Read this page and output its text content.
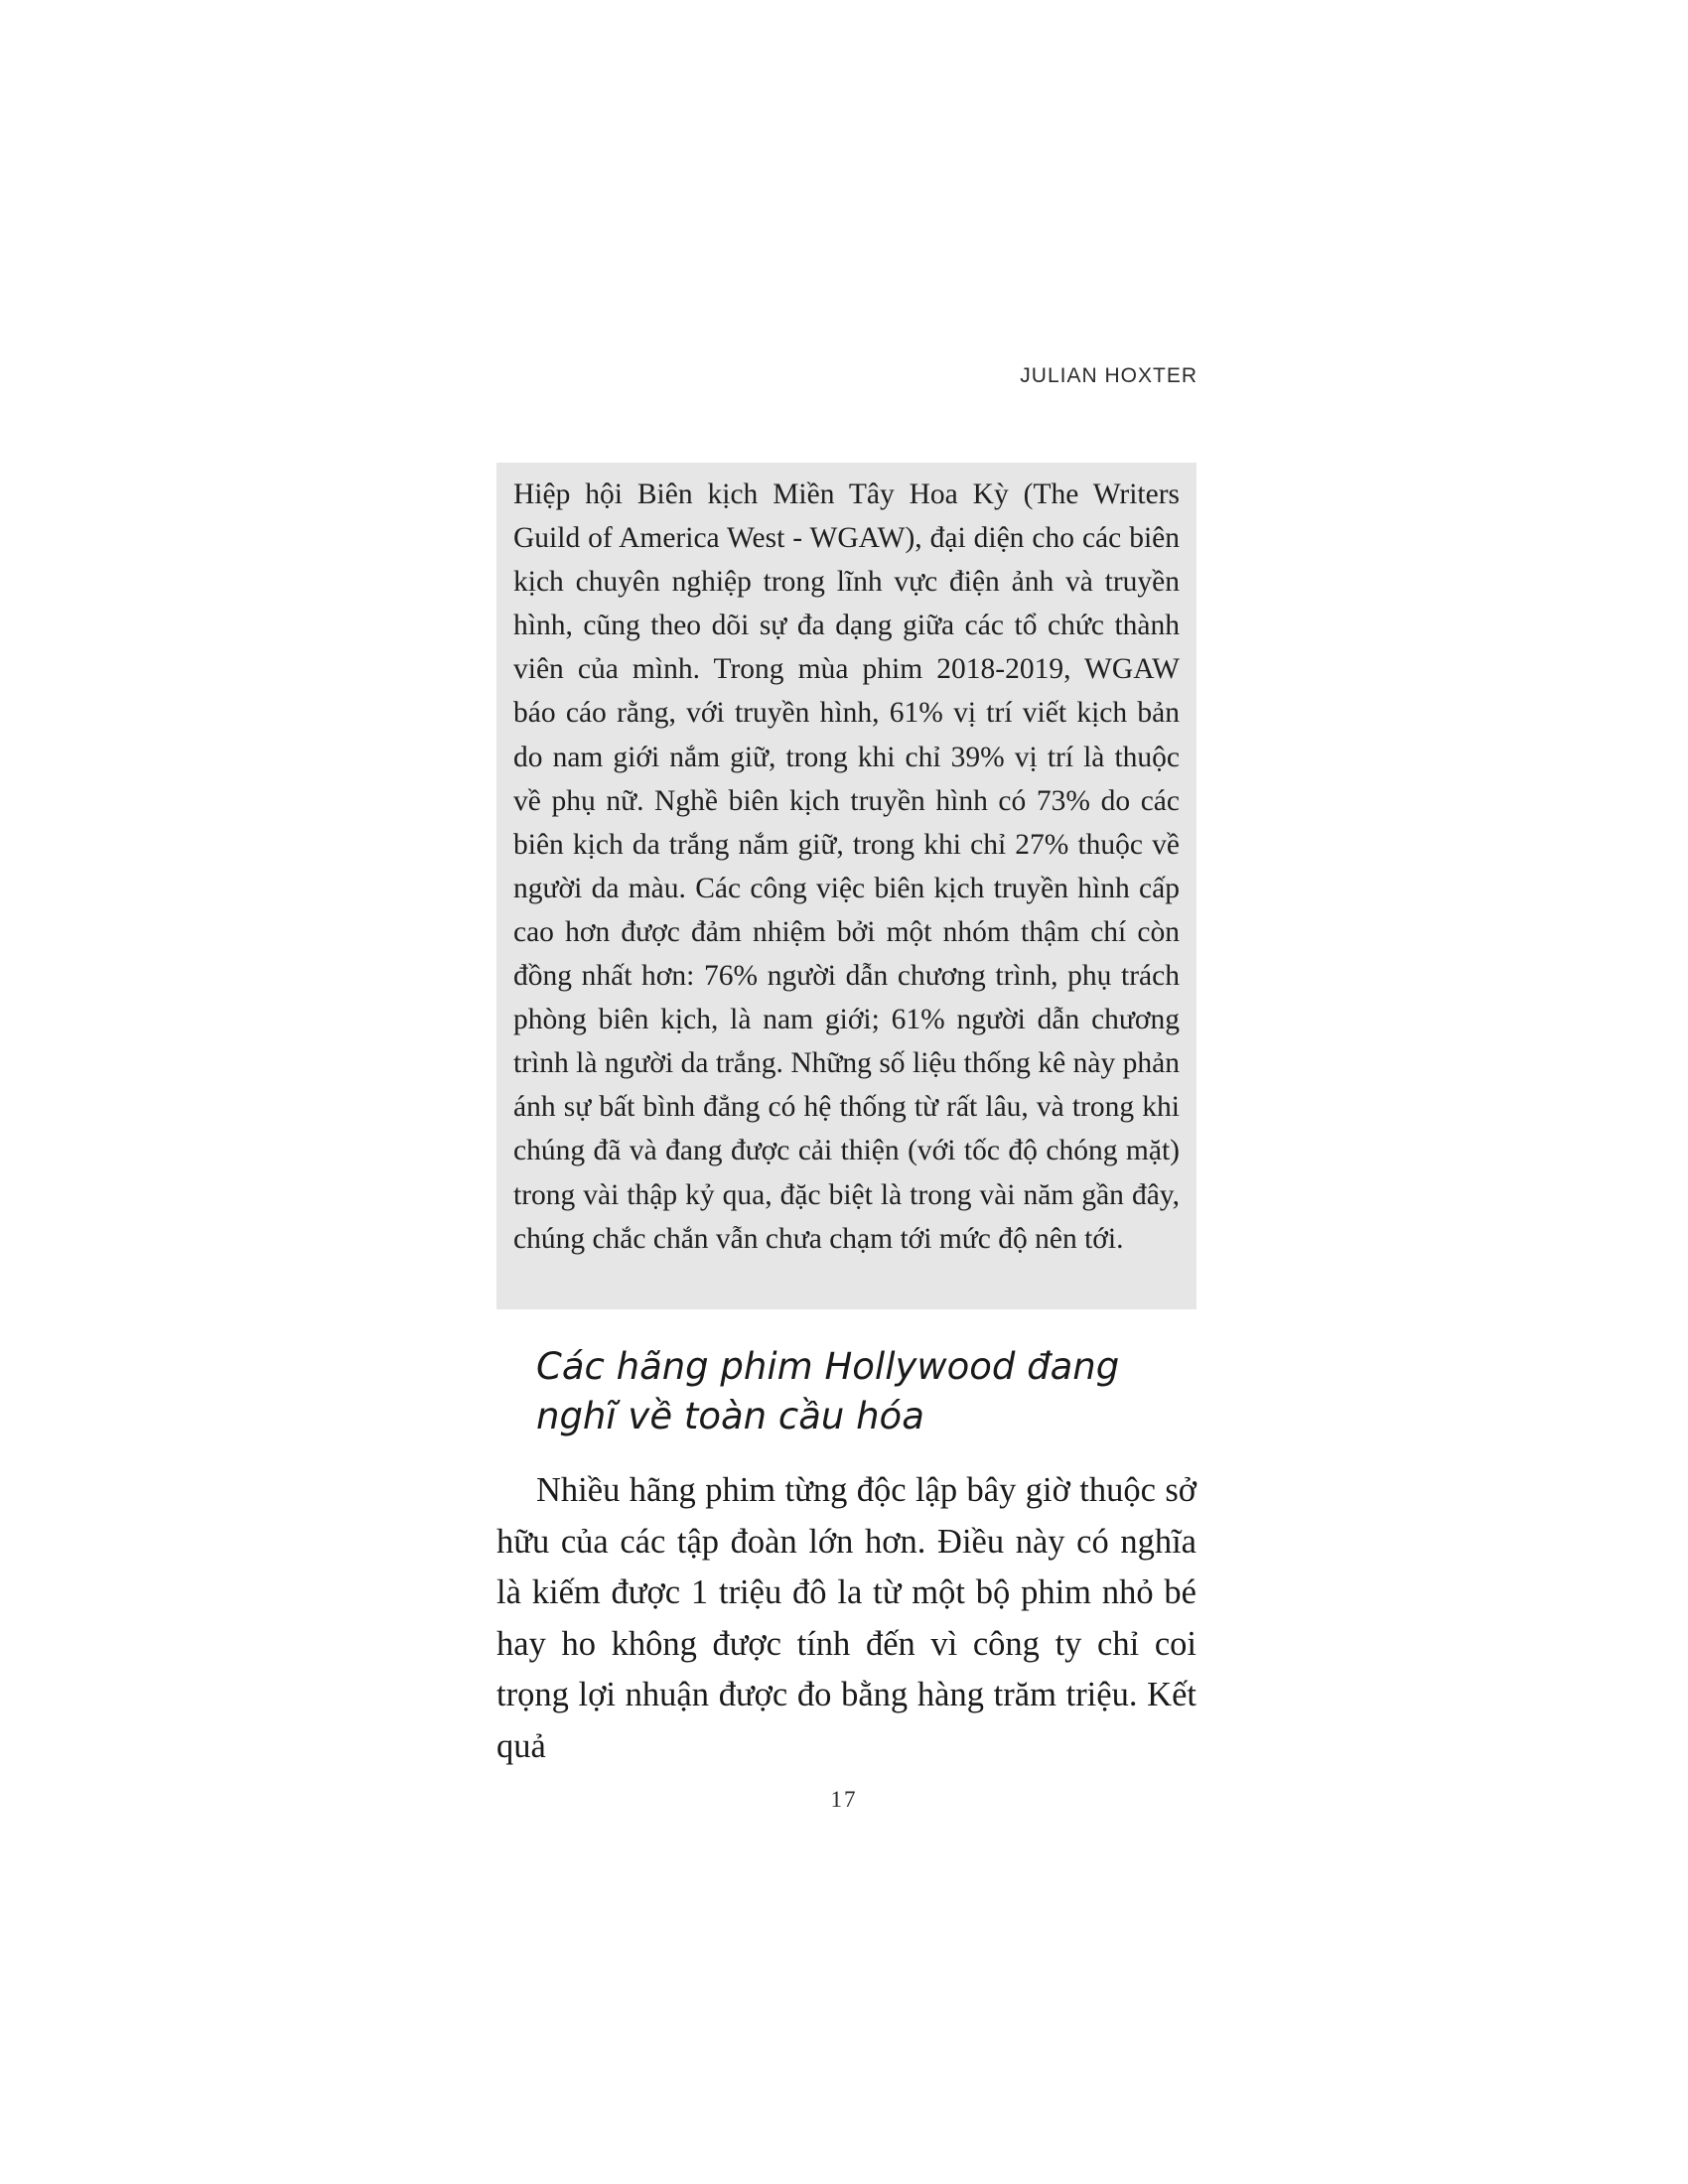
JULIAN HOXTER

Hiệp hội Biên kịch Miền Tây Hoa Kỳ (The Writers Guild of America West - WGAW), đại diện cho các biên kịch chuyên nghiệp trong lĩnh vực điện ảnh và truyền hình, cũng theo dõi sự đa dạng giữa các tổ chức thành viên của mình. Trong mùa phim 2018-2019, WGAW báo cáo rằng, với truyền hình, 61% vị trí viết kịch bản do nam giới nắm giữ, trong khi chỉ 39% vị trí là thuộc về phụ nữ. Nghề biên kịch truyền hình có 73% do các biên kịch da trắng nắm giữ, trong khi chỉ 27% thuộc về người da màu. Các công việc biên kịch truyền hình cấp cao hơn được đảm nhiệm bởi một nhóm thậm chí còn đồng nhất hơn: 76% người dẫn chương trình, phụ trách phòng biên kịch, là nam giới; 61% người dẫn chương trình là người da trắng. Những số liệu thống kê này phản ánh sự bất bình đẳng có hệ thống từ rất lâu, và trong khi chúng đã và đang được cải thiện (với tốc độ chóng mặt) trong vài thập kỷ qua, đặc biệt là trong vài năm gần đây, chúng chắc chắn vẫn chưa chạm tới mức độ nên tới.

Các hãng phim Hollywood đang nghĩ về toàn cầu hóa

Nhiều hãng phim từng độc lập bây giờ thuộc sở hữu của các tập đoàn lớn hơn. Điều này có nghĩa là kiếm được 1 triệu đô la từ một bộ phim nhỏ bé hay ho không được tính đến vì công ty chỉ coi trọng lợi nhuận được đo bằng hàng trăm triệu. Kết quả

17
